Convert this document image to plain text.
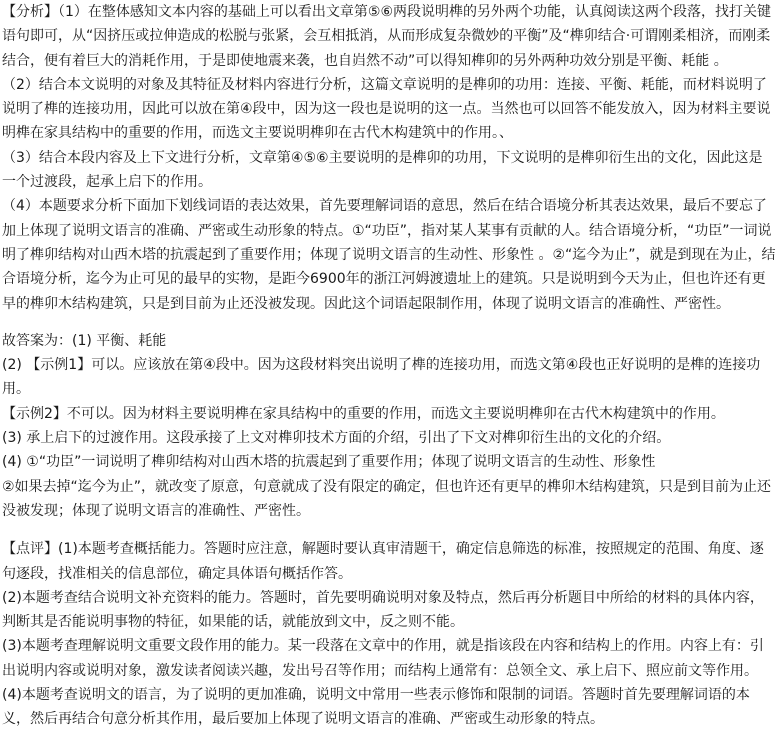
【分析】（1）在整体感知文本内容的基础上可以看出文章第⑤⑥两段说明榫的另外两个功能，认真阅读这两个段落，找打关键语句即可，从“因挤压或拉伸造成的松脱与张紧，会互相抵消，从而形成复杂微妙的平衡”及“榫卯结合·可谓刚柔相济，而刚柔结合，便有着巨大的消耗作用，于是即使地震来袭，也自岿然不动”可以得知榫卯的另外两种功效分别是平衡、耗能 。

（2）结合本文说明的对象及其特征及材料内容进行分析，这篇文章说明的是榫卯的功用：连接、平衡、耗能，而材料说明了说明了榫的连接功用，因此可以放在第④段中，因为这一段也是说明的这一点。当然也可以回答不能发放入，因为材料主要说明榫在家具结构中的重要的作用，而选文主要说明榫卯在古代木构建筑中的作用。、

（3）结合本段内容及上下文进行分析，文章第④⑤⑥主要说明的是榫卯的功用，下文说明的是榫卯衍生出的文化，因此这是一个过渡段，起承上启下的作用。

（4）本题要求分析下面加下划线词语的表达效果，首先要理解词语的意思，然后在结合语境分析其表达效果，最后不要忘了加上体现了说明文语言的准确、严密或生动形象的特点。①“功臣”，指对某人某事有贡献的人。结合语境分析，“功臣”一词说明了榫卯结构对山西木塔的抗震起到了重要作用；体现了说明文语言的生动性、形象性 。②“迄今为止”，就是到现在为止，结合语境分析，迄今为止可见的最早的实物，是距今6900年的浙江河姆渡遗址上的建筑。只是说明到今天为止，但也许还有更早的榫卯木结构建筑，只是到目前为止还没被发现。因此这个词语起限制作用，体现了说明文语言的准确性、严密性。

故答案为：(1) 平衡、耗能

(2) 【示例1】可以。应该放在第④段中。因为这段材料突出说明了榫的连接功用，而选文第④段也正好说明的是榫的连接功用。

【示例2】不可以。因为材料主要说明榫在家具结构中的重要的作用，而选文主要说明榫卯在古代木构建筑中的作用。

(3) 承上启下的过渡作用。这段承接了上文对榫卯技术方面的介绍，引出了下文对榫卯衍生出的文化的介绍。

(4) ①“功臣”一词说明了榫卯结构对山西木塔的抗震起到了重要作用；体现了说明文语言的生动性、形象性

②如果去掉“迄今为止”，就改变了原意，句意就成了没有限定的确定，但也许还有更早的榫卯木结构建筑，只是到目前为止还没被发现；体现了说明文语言的准确性、严密性。

【点评】(1)本题考查概括能力。答题时应注意，解题时要认真审清题干，确定信息筛选的标准，按照规定的范围、角度、逐句逐段，找准相关的信息部位，确定具体语句概括作答。

(2)本题考查结合说明文补充资料的能力。答题时，首先要明确说明对象及特点，然后再分析题目中所给的材料的具体内容，判断其是否能说明事物的特征，如果能的话，就能放到文中，反之则不能。

(3)本题考查理解说明文重要文段作用的能力。某一段落在文章中的作用，就是指该段在内容和结构上的作用。内容上有：引出说明内容或说明对象，激发读者阅读兴趣，发出号召等作用；而结构上通常有：总领全文、承上启下、照应前文等作用。

(4)本题考查说明文的语言，为了说明的更加准确，说明文中常用一些表示修饰和限制的词语。答题时首先要理解词语的本义，然后再结合句意分析其作用，最后要加上体现了说明文语言的准确、严密或生动形象的特点。
